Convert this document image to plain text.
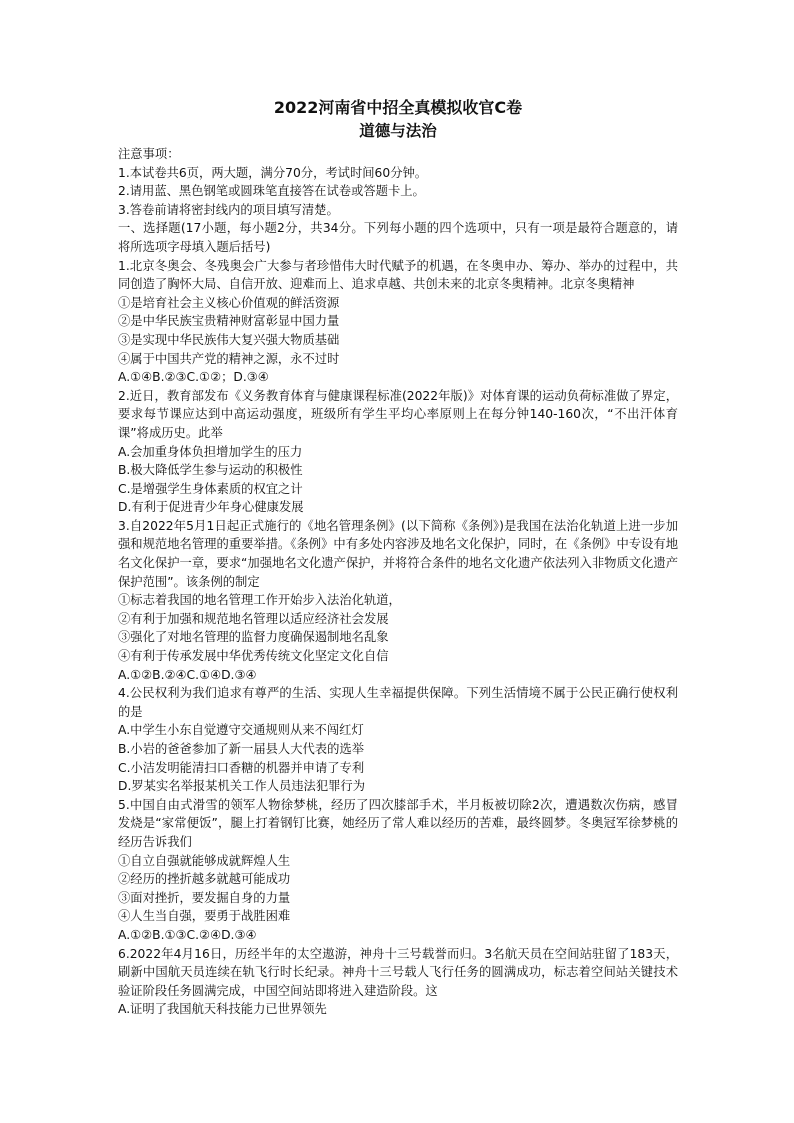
2022河南省中招全真模拟收官C卷

道德与法治

注意事项：

1.本试卷共6页，两大题，满分70分，考试时间60分钟。

2.请用蓝、黑色钢笔或圆珠笔直接答在试卷或答题卡上。

3.答卷前请将密封线内的项目填写清楚。

一、选择题(17小题，每小题2分，共34分。下列每小题的四个选项中，只有一项是最符合题意的，请将所选项字母填入题后括号)

1.北京冬奥会、冬残奥会广大参与者珍惜伟大时代赋予的机遇，在冬奥申办、筹办、举办的过程中，共同创造了胸怀大局、自信开放、迎难而上、追求卓越、共创未来的北京冬奥精神。北京冬奥精神

①是培育社会主义核心价值观的鲜活资源

②是中华民族宝贵精神财富彰显中国力量

③是实现中华民族伟大复兴强大物质基础

④属于中国共产党的精神之源，永不过时

A.①④B.②③C.①②；D.③④

2.近日，教育部发布《义务教育体育与健康课程标准(2022年版)》对体育课的运动负荷标准做了界定，要求每节课应达到中高运动强度，班级所有学生平均心率原则上在每分钟140-160次，“不出汗体育课”将成历史。此举

A.会加重身体负担增加学生的压力

B.极大降低学生参与运动的积极性

C.是增强学生身体素质的权宜之计

D.有利于促进青少年身心健康发展

3.自2022年5月1日起正式施行的《地名管理条例》(以下简称《条例》)是我国在法治化轨道上进一步加强和规范地名管理的重要举措。《条例》中有多处内容涉及地名文化保护，同时，在《条例》中专设有地名文化保护一章，要求“加强地名文化遗产保护，并将符合条件的地名文化遗产依法列入非物质文化遗产保护范围”。该条例的制定

①标志着我国的地名管理工作开始步入法治化轨道，

②有利于加强和规范地名管理以适应经济社会发展

③强化了对地名管理的监督力度确保遏制地名乱象

④有利于传承发展中华优秀传统文化坚定文化自信

A.①②B.②④C.①④D.③④

4.公民权利为我们追求有尊严的生活、实现人生幸福提供保障。下列生活情境不属于公民正确行使权利的是

A.中学生小东自觉遵守交通规则从来不闯红灯

B.小岩的爸爸参加了新一届县人大代表的选举

C.小洁发明能清扫口香糖的机器并申请了专利

D.罗某实名举报某机关工作人员违法犯罪行为

5.中国自由式滑雪的领军人物徐梦桃，经历了四次膝部手术，半月板被切除2次，遭遇数次伤病，感冒发烧是“家常便饭”，腿上打着钢钉比赛，她经历了常人难以经历的苦难，最终圆梦。冬奥冠军徐梦桃的经历告诉我们

①自立自强就能够成就辉煌人生

②经历的挫折越多就越可能成功

③面对挫折，要发掘自身的力量

④人生当自强，要勇于战胜困难

A.①②B.①③C.②④D.③④

6.2022年4月16日，历经半年的太空遨游，神舟十三号载誉而归。3名航天员在空间站驻留了183天，刷新中国航天员连续在轨飞行时长纪录。神舟十三号载人飞行任务的圆满成功，标志着空间站关键技术验证阶段任务圆满完成，中国空间站即将进入建造阶段。这

A.证明了我国航天科技能力已世界领先
